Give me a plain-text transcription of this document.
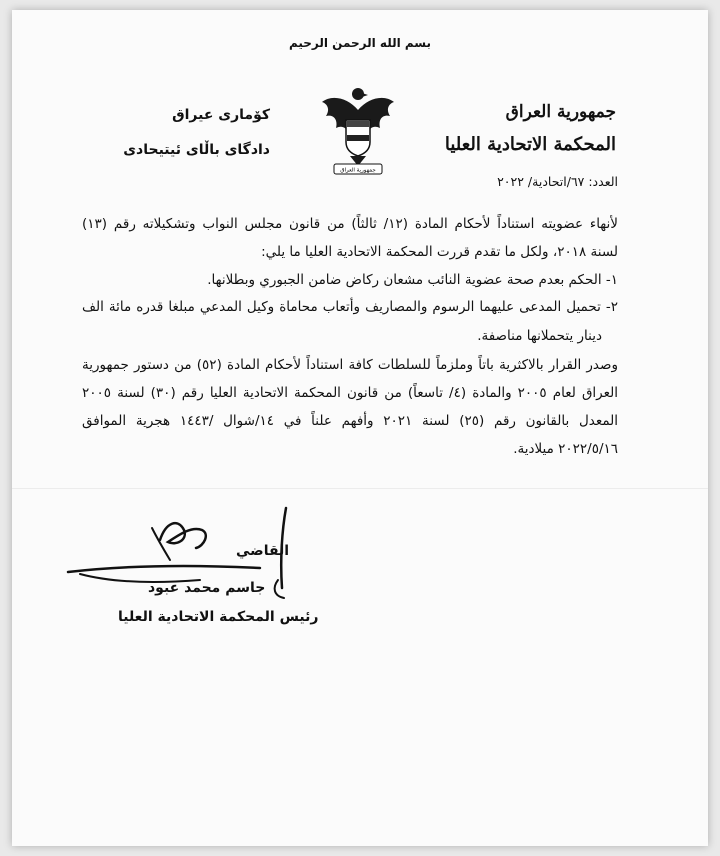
بسم الله الرحمن الرحيم
جمهورية العراق
جمهورية العراق
المحكمة الاتحادية العليا
كۆماری عیراق
دادگای باڵای ئیتیحادی
العدد: ٦٧/اتحادية/ ٢٠٢٢
لأنهاء عضويته استناداً لأحكام المادة (١٢/ ثالثاً) من قانون مجلس النواب وتشكيلاته رقم (١٣)
لسنة ٢٠١٨، ولكل ما تقدم قررت المحكمة الاتحادية العليا ما يلي:
١- الحكم بعدم صحة عضوية النائب مشعان ركاض ضامن الجبوري وبطلانها.
٢- تحميل المدعى عليهما الرسوم والمصاريف وأتعاب محاماة وكيل المدعي مبلغا قدره مائة الف
دينار يتحملانها مناصفة.
وصدر القرار بالاكثرية باتاً وملزماً للسلطات كافة استناداً لأحكام المادة (٥٢) من دستور جمهورية
العراق لعام ٢٠٠٥ والمادة (٤/ تاسعاً) من قانون المحكمة الاتحادية العليا رقم (٣٠) لسنة ٢٠٠٥
المعدل بالقانون رقم (٢٥) لسنة ٢٠٢١ وأفهم علناً في ١٤/شوال /١٤٤٣ هجرية الموافق
٢٠٢٢/٥/١٦ ميلادية.
القاضي
جاسم محمد عبود
رئيس المحكمة الاتحادية العليا
